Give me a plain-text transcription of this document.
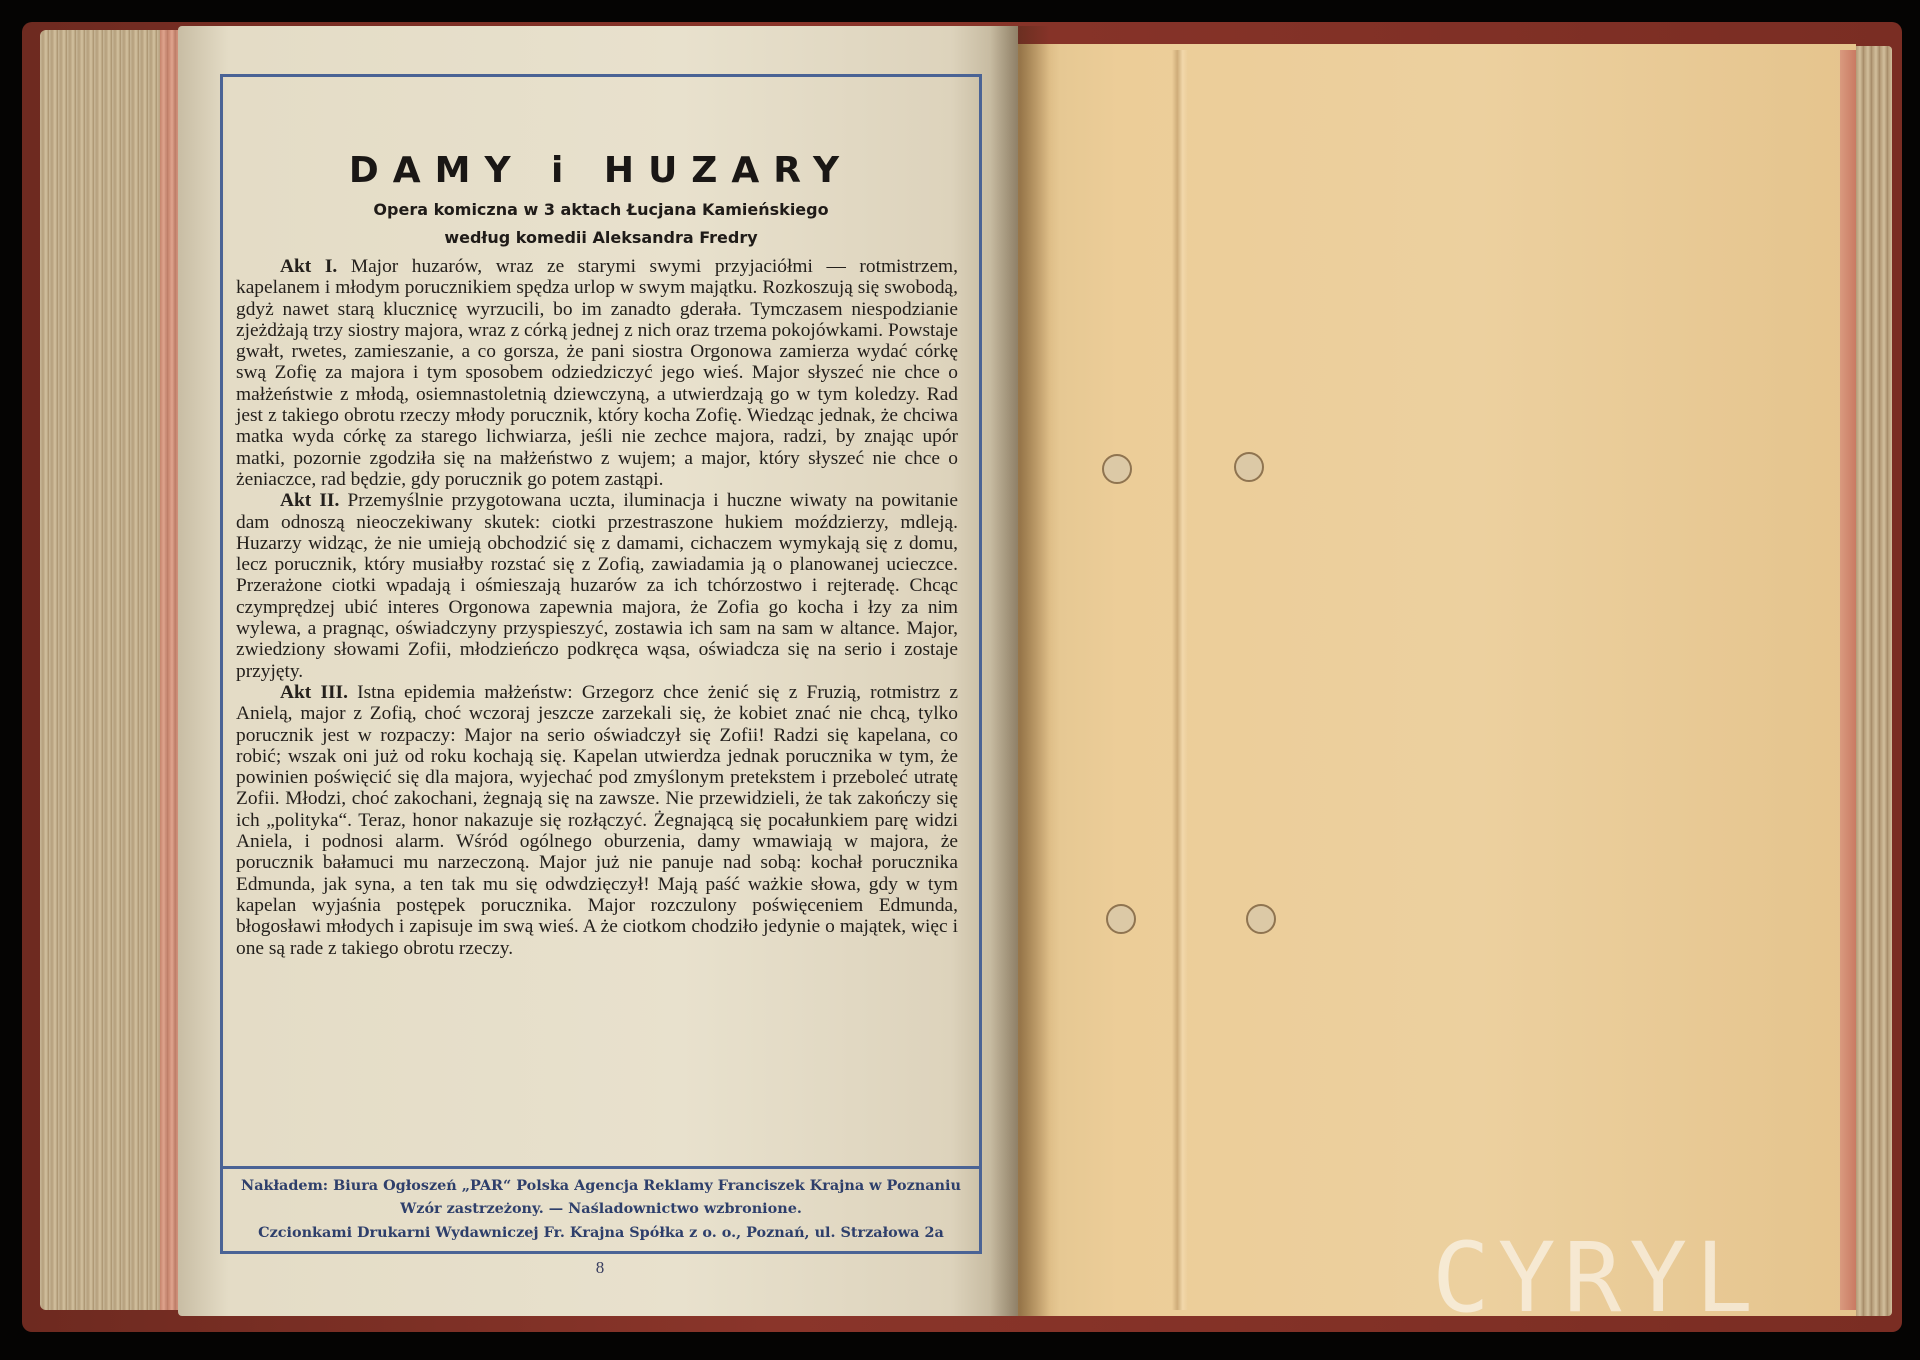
DAMY i HUZARY
Opera komiczna w 3 aktach Łucjana Kamieńskiego
według komedii Aleksandra Fredry

Akt I. Major huzarów, wraz ze starymi swymi przyjaciółmi — rotmistrzem, kapelanem i młodym porucznikiem spędza urlop w swym majątku. Rozkoszują się swobodą, gdyż nawet starą klucznicę wyrzucili, bo im zanadto gderała. Tymczasem niespodzianie zjeżdżają trzy siostry majora, wraz z córką jednej z nich oraz trzema pokojówkami. Powstaje gwałt, rwetes, zamieszanie, a co gorsza, że pani siostra Orgonowa zamierza wydać córkę swą Zofię za majora i tym sposobem odziedziczyć jego wieś. Major słyszeć nie chce o małżeństwie z młodą, osiemnastoletnią dziewczyną, a utwierdzają go w tym koledzy. Rad jest z takiego obrotu rzeczy młody porucznik, który kocha Zofię. Wiedząc jednak, że chciwa matka wyda córkę za starego lichwiarza, jeśli nie zechce majora, radzi, by znając upór matki, pozornie zgodziła się na małżeństwo z wujem; a major, który słyszeć nie chce o żeniaczce, rad będzie, gdy porucznik go potem zastąpi.

Akt II. Przemyślnie przygotowana uczta, iluminacja i huczne wiwaty na powitanie dam odnoszą nieoczekiwany skutek: ciotki przestraszone hukiem moździerzy, mdleją. Huzarzy widząc, że nie umieją obchodzić się z damami, cichaczem wymykają się z domu, lecz porucznik, który musiałby rozstać się z Zofią, zawiadamia ją o planowanej ucieczce. Przerażone ciotki wpadają i ośmieszają huzarów za ich tchórzostwo i rejteradę. Chcąc czymprędzej ubić interes Orgonowa zapewnia majora, że Zofia go kocha i łzy za nim wylewa, a pragnąc, oświadczyny przyspieszyć, zostawia ich sam na sam w altance. Major, zwiedziony słowami Zofii, młodzieńczo podkręca wąsa, oświadcza się na serio i zostaje przyjęty.

Akt III. Istna epidemia małżeństw: Grzegorz chce żenić się z Fruzią, rotmistrz z Anielą, major z Zofią, choć wczoraj jeszcze zarzekali się, że kobiet znać nie chcą, tylko porucznik jest w rozpaczy: Major na serio oświadczył się Zofii! Radzi się kapelana, co robić; wszak oni już od roku kochają się. Kapelan utwierdza jednak porucznika w tym, że powinien poświęcić się dla majora, wyjechać pod zmyślonym pretekstem i przeboleć utratę Zofii. Młodzi, choć zakochani, żegnają się na zawsze. Nie przewidzieli, że tak zakończy się ich „polityka“. Teraz, honor nakazuje się rozłączyć. Żegnającą się pocałunkiem parę widzi Aniela, i podnosi alarm. Wśród ogólnego oburzenia, damy wmawiają w majora, że porucznik bałamuci mu narzeczoną. Major już nie panuje nad sobą: kochał porucznika Edmunda, jak syna, a ten tak mu się odwdzięczył! Mają paść ważkie słowa, gdy w tym kapelan wyjaśnia postępek porucznika. Major rozczulony poświęceniem Edmunda, błogosławi młodych i zapisuje im swą wieś. A że ciotkom chodziło jedynie o majątek, więc i one są rade z takiego obrotu rzeczy.

Nakładem: Biura Ogłoszeń „PAR“ Polska Agencja Reklamy Franciszek Krajna w Poznaniu
Wzór zastrzeżony. — Naśladownictwo wzbronione.
Czcionkami Drukarni Wydawniczej Fr. Krajna Spółka z o. o., Poznań, ul. Strzałowa 2a
8	CYRYL
